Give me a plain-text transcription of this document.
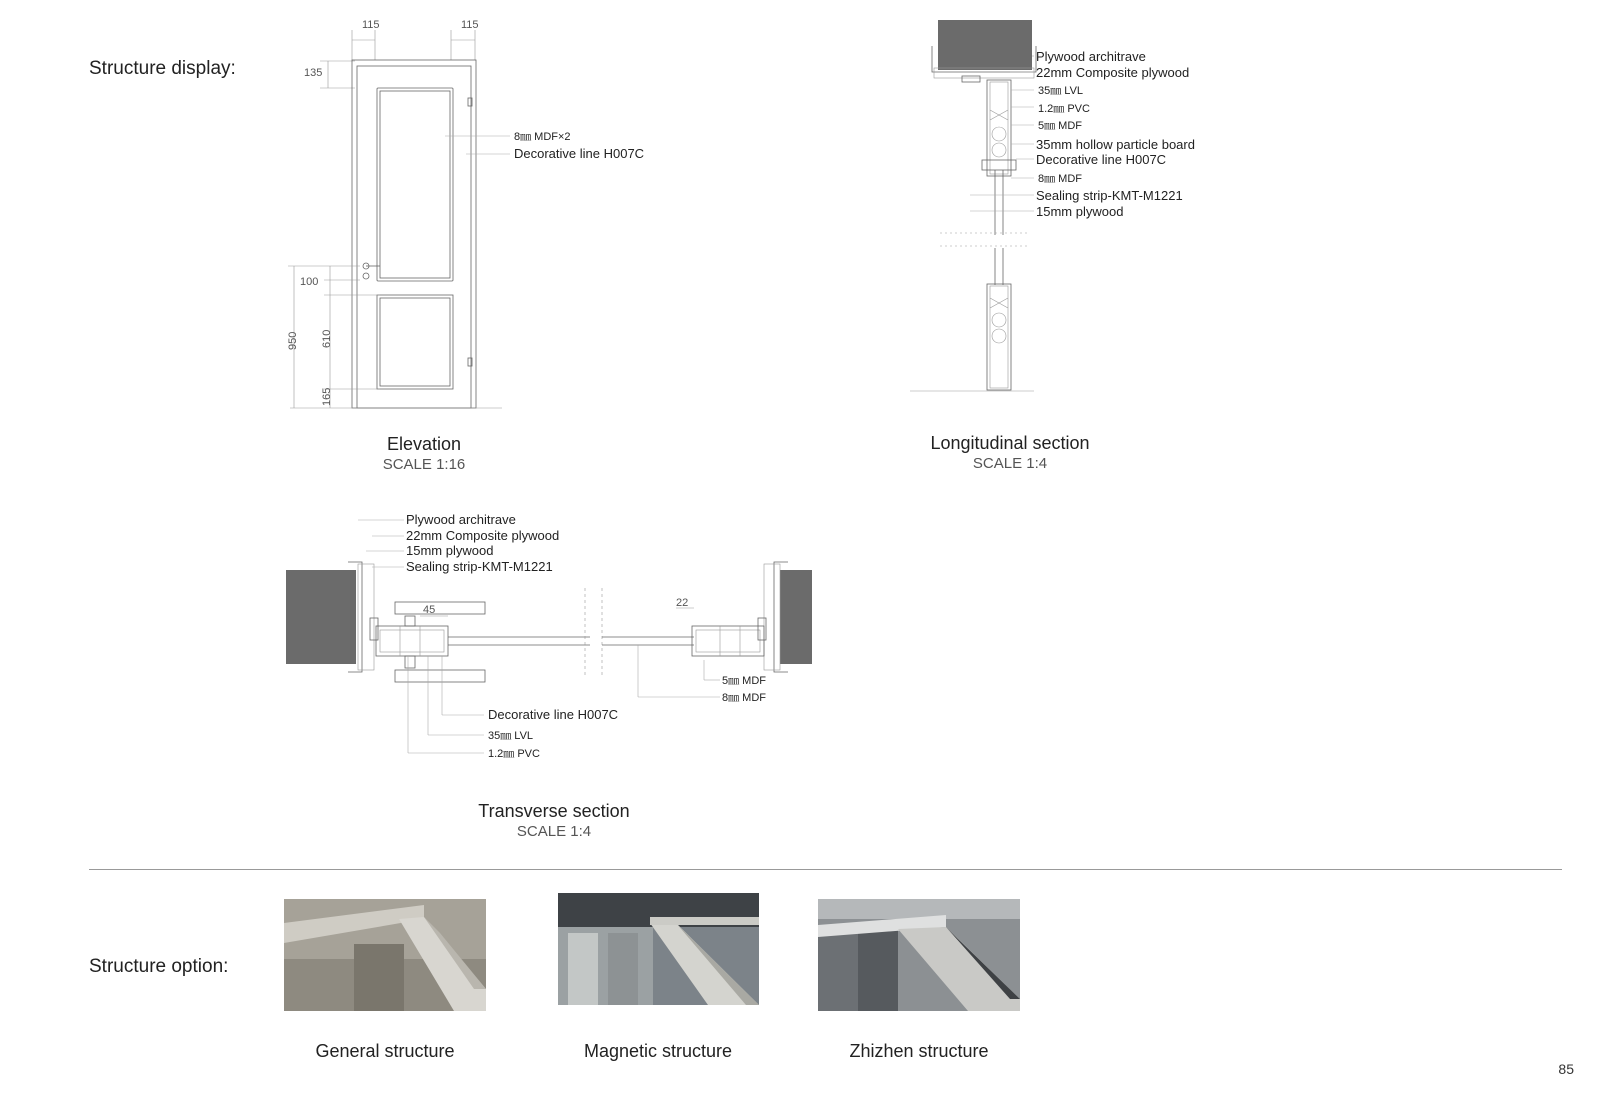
Structure display:
Structure option:
115	115
135
950
100
610
165
8㎜ MDF×2
Decorative line H007C
Elevation
SCALE 1:16
Plywood architrave
22mm Composite plywood
35㎜ LVL
1.2㎜ PVC
5㎜ MDF
35mm hollow particle board
Decorative line H007C
8㎜ MDF
Sealing strip-KMT-M1221
15mm plywood
Longitudinal section
SCALE 1:4
45
22
Plywood architrave
22mm Composite plywood
15mm plywood
Sealing strip-KMT-M1221
5㎜ MDF
8㎜ MDF
Decorative line H007C
35㎜ LVL
1.2㎜ PVC
Transverse section
SCALE 1:4
General structure	Magnetic structure	Zhizhen structure
85
